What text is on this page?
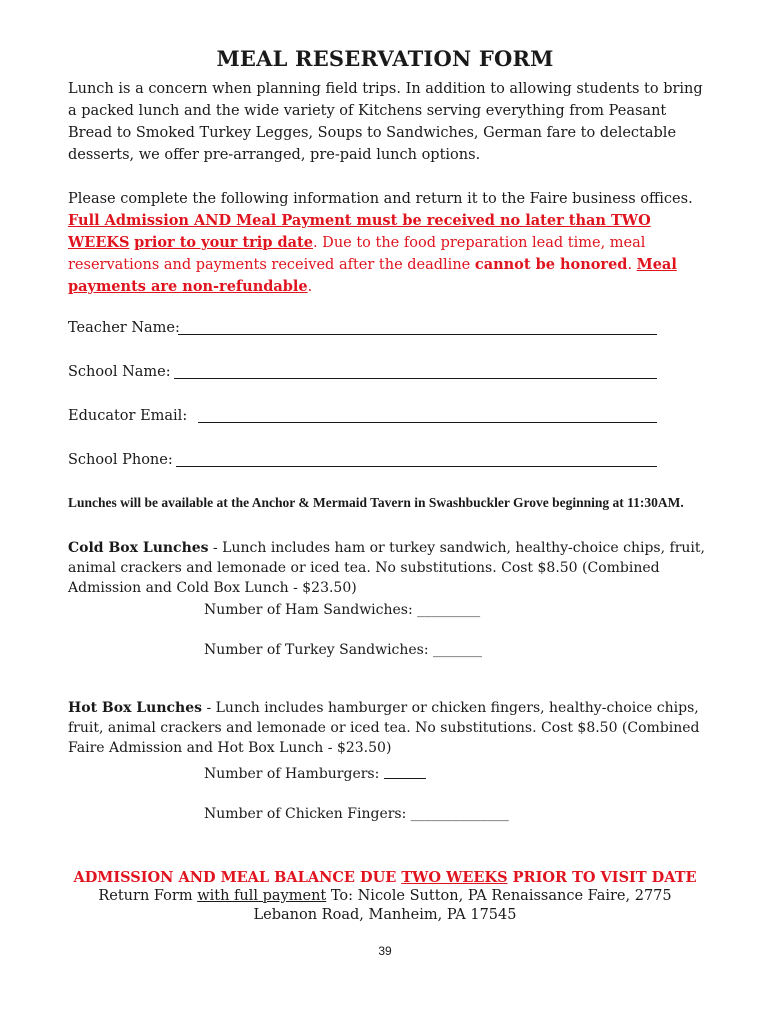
MEAL RESERVATION FORM

Lunch is a concern when planning field trips. In addition to allowing students to bring a packed lunch and the wide variety of Kitchens serving everything from Peasant Bread to Smoked Turkey Legges, Soups to Sandwiches, German fare to delectable desserts, we offer pre-arranged, pre-paid lunch options.

Please complete the following information and return it to the Faire business offices. Full Admission AND Meal Payment must be received no later than TWO WEEKS prior to your trip date. Due to the food preparation lead time, meal reservations and payments received after the deadline cannot be honored. Meal payments are non-refundable.

Teacher Name:
School Name:
Educator Email:
School Phone:
Lunches will be available at the Anchor & Mermaid Tavern in Swashbuckler Grove beginning at 11:30AM.

Cold Box Lunches - Lunch includes ham or turkey sandwich, healthy-choice chips, fruit, animal crackers and lemonade or iced tea. No substitutions. Cost $8.50 (Combined Admission and Cold Box Lunch - $23.50)

Number of Ham Sandwiches: _________
Number of Turkey Sandwiches: _______

Hot Box Lunches - Lunch includes hamburger or chicken fingers, healthy-choice chips, fruit, animal crackers and lemonade or iced tea. No substitutions. Cost $8.50 (Combined Faire Admission and Hot Box Lunch - $23.50)

Number of Hamburgers:
Number of Chicken Fingers: ______________
ADMISSION AND MEAL BALANCE DUE TWO WEEKS PRIOR TO VISIT DATE
Return Form with full payment To: Nicole Sutton, PA Renaissance Faire, 2775
Lebanon Road, Manheim, PA 17545
39
